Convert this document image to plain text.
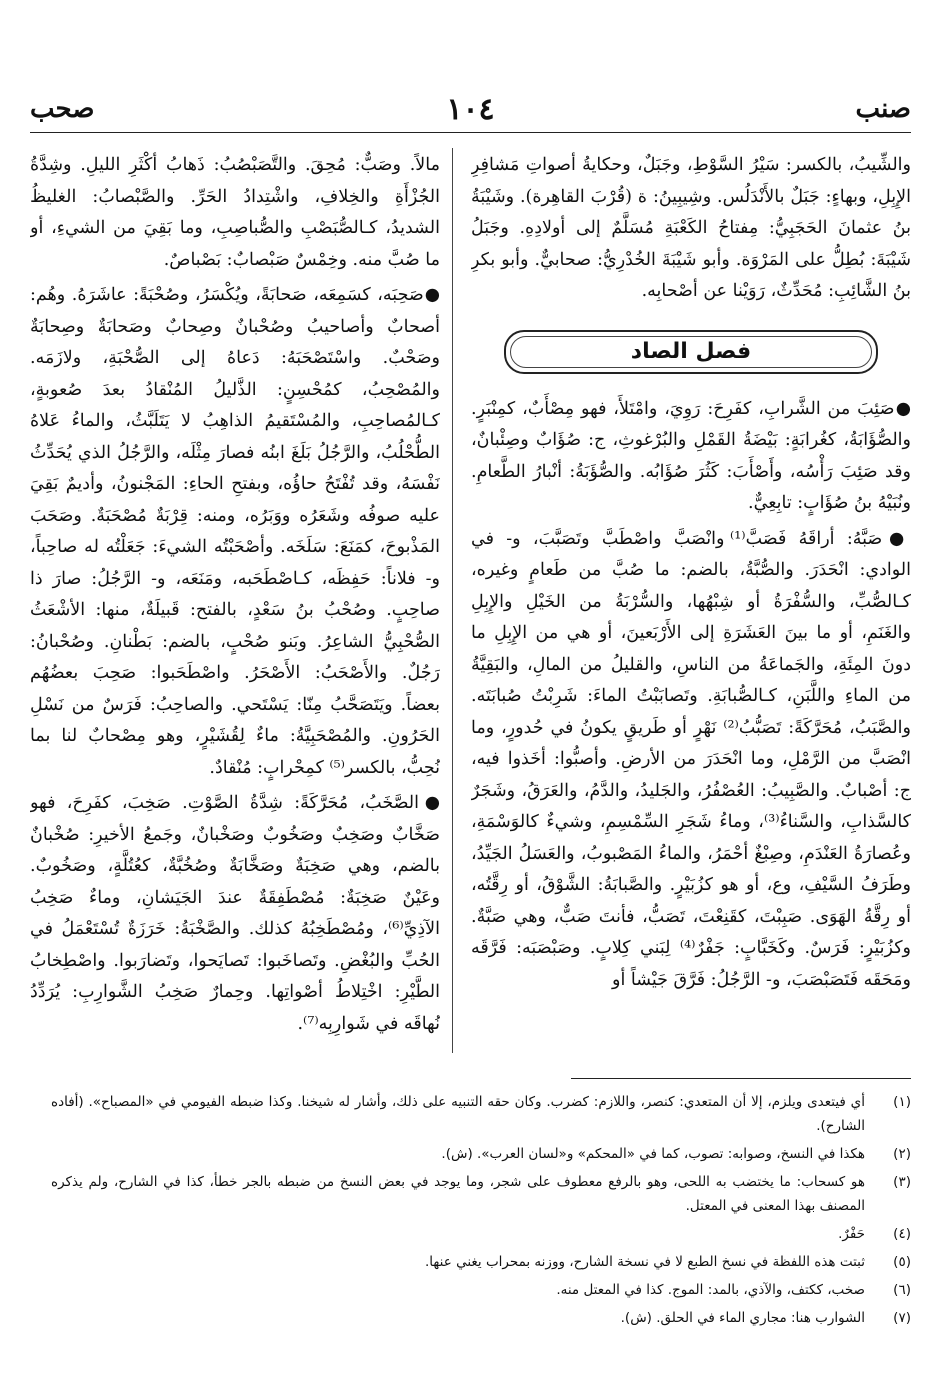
صنب
١٠٤
صحب

والشِّيبُ، بالكسر: سَيْرُ السَّوْطِ، وجَبَلٌ، وحكايةُ أصواتِ مَشافِرِ الإِبِلِ، وبهاءٍ: جَبَلٌ بالأَنْدَلُس. وشِيبِينُ: ة (قُرْبَ القاهِرة). وشَيْبَةُ بنُ عثمانَ الحَجَبِيُّ: مِفتاحُ الكَعْبَةِ مُسَلَّمٌ إلى أولادِهِ. وجَبَلُ شَيْبَةَ: بُطِلُّ على المَرْوَة. وأبو شَيْبَةَ الخُدْرِيُّ: صحابيٌّ. وأبو بكرِ بنُ الشَّائِبِ: مُحَدِّثٌ، رَوَيْنا عن أصْحابِه.

فصل الصاد

●صَئِبَ من الشَّرابِ، كفَرِحَ: رَوِيَ، وامْتَلأَ، فهو مِصْأَبٌ، كمِنْبَرٍ. والصُّؤَابَةُ، كغُرابَةٍ: بَيْضَةُ القَمْلِ والبُرْغوثِ، ج: صُؤَابٌ وصِئْبانٌ، وقد صَئِبَ رَأْسُه، وأَصْأَبَ: كَثُرَ صُؤَابُه. والصُّؤَبَةُ: أنْبارُ الطَّعامِ. ونُبَيْهُ بنُ صُؤَابٍ: تابِعِيٌّ.

●صَبَّهُ: أراقَهُ فَصَبَّ⁽¹⁾ وانْصَبَّ واصْطَبَّ وتَصَبَّبَ، و- في الوادي: انْحَدَرَ. والصُّبَّةُ، بالضم: ما صُبَّ من طَعامٍ وغيره، كـالصُّبِّ، والسُّفْرَةُ أو شِبْهُها، والسُّرْبَةُ من الخَيْلِ والإِبِلِ والغَنَمِ، أو ما بينَ العَشَرَةِ إلى الأَرْبَعينَ، أو هي من الإِبِلِ ما دونَ المِئَةِ، والجَماعَةُ من الناسِ، والقليلُ من المالِ، والبَقِيَّةُ من الماءِ واللَّبَنِ، كـالصُّبابَةِ. وتَصابَبْتُ الماءَ: شَرِبْتُ صُبابَتَه. والصَّبَبُ، مُحَرَّكَةً: تَصَبُّبُ⁽²⁾ نَهْرٍ أو طَريقٍ يكونُ في حُدورٍ، وما انْصَبَّ من الرَّمْلِ، وما انْحَدَرَ من الأرضِ. وأصبُّوا: أخَذوا فيه، ج: أصْبابٌ. والصَّبِيبُ: العُصْفُرُ، والجَليدُ، والدَّمُ، والعَرَقُ، وشَجَرٌ كالسَّذابِ، والسَّناءُ⁽³⁾، وماءُ شَجَرِ السِّمْسِمِ، وشيءٌ كالوَسْمَةِ، وعُصارَةُ العَنْدَمِ، وصِبْغٌ أحْمَرُ، والماءُ المَصْبوبُ، والعَسَلُ الجَيِّدُ، وطَرَفُ السَّيْفِ، وع، أو هو كزُبَيْرٍ. والصَّبابَةُ: الشَّوْقُ، أو رِقَّتُه، أو رِقَّةُ الهَوَى. صَبِبْتَ، كقَنِعْتَ، تَصَبُّ، فأنتَ صَبٌّ، وهي صَبَّةٌ. وكزُبَيْرٍ: فَرَسٌ. وكَخَبَّابٍ: جَفْرٌ⁽⁴⁾ لِبَني كِلابٍ. وصَبْصَبَه: فَرَّقَه ومَحَقَه فَتَصَبْصَبَ، و- الرَّجُلُ: فَرَّقَ جَيْشاً أو

مالاً. وصَبٌّ: مُحِقَ. والتَّصَبْصُبُ: ذَهابُ أكْثَرِ الليلِ. وشِدَّةُ الجُزْأَةِ والخِلافِ، واشْتِدادُ الحَرِّ. والصَّبْصابُ: الغليظُ الشديدُ، كـالصُّبَصْبِ والصُّباصِبِ، وما بَقِيَ من الشيءِ، أو ما صُبَّ منه. وخِمْسٌ صَبْصابٌ: بَصْباصٌ.

●صَحِبَه، كسَمِعَه، صَحابَةً، ويُكْسَرُ، وصُحْبَةً: عاشَرَهُ. وهُم: أصحابٌ وأصاحيبُ وصُحْبانٌ وصِحابٌ وصَحابَةٌ وصِحابَةٌ وصَحْبٌ. واسْتَصْحَبَهُ: دَعاهُ إلى الصُّحْبَةِ، ولازَمَه. والمُصْحِبُ، كمُحْسِنٍ: الذَّليلُ المُنْقادُ بعدَ صُعوبةٍ، كـالمُصاحِبِ، والمُسْتَقيمُ الذاهِبُ لا يَتَلَبَّثُ، والماءُ عَلاهُ الطُّحْلُبُ، والرَّجُلُ بَلَغَ ابنُه فصارَ مِثْلَه، والرَّجُلُ الذي يُحَدِّثُ نَفْسَهُ، وقد تُفْتَحُ حاؤُه، وبفتحِ الحاءِ: المَجْنونُ، وأديمٌ بَقِيَ عليه صوفُه وشَعَرُه ووَبَرُه، ومنه: قِرْبَةٌ مُصْحَبَةٌ. وصَحَبَ المَذْبوحَ، كمَنَعَ: سَلَخَه. وأصْحَبْتُه الشيءَ: جَعَلْتُه له صاحِباً، و- فلاناً: حَفِظَه، كـاصْطَحَبه، ومَنَعَه، و- الرَّجُلُ: صارَ ذا صاحِبٍ. وصُحْبُ بنُ سَعْدٍ، بالفتح: قَبيلَةٌ، منها: الأشْعَثُ الصُّحْبِيُّ الشاعِرُ. وبَنو صُحْبٍ، بالضم: بَطْنانِ. وصُحْبانُ: رَجُلٌ. والأَصْحَبُ: الأَصْحَرُ. واصْطَحَبوا: صَحِبَ بعضُهُم بعضاً. ويَتَصَحَّبُ مِنّا: يَسْتَحي. والصاحِبُ: فَرَسٌ من نَسْلِ الحَرُونِ. والمُصْحَبِيَّةُ: ماءٌ لِقُشَيْرٍ، وهو مِصْحابٌ لنا بما نُحِبُّ، بالكسر⁽⁵⁾ كمِحْرابٍ: مُنْقادٌ.

●الصَّخَبُ، مُحَرَّكَةً: شِدَّةُ الصَّوْتِ. صَخِبَ، كفَرِحَ، فهو صَخَّابٌ وصَخِبٌ وصَخُوبٌ وصَخْبانٌ، وجَمعُ الأخيرِ: صُخْبانٌ بالضم، وهي صَخِبَةٌ وصَخَّابَةٌ وصُخُبَّةٌ، كعُتُلَّةٍ، وصَخُوبٌ. وعَيْنٌ صَخِبَةٌ: مُصْطَفِقَةٌ عندَ الجَيَشانِ، وماءٌ صَخِبُ الآذِيِّ⁽⁶⁾، ومُصْطَخِبُهُ كذلك. والصَّخْبَةُ: خَرَزَةٌ تُسْتَعْمَلُ في الحُبِّ والبُغْضِ. وتَصاخَبوا: تَصايَحوا، وتَضارَبوا. واصْطِخابُ الطَّيْرِ: اخْتِلاطُ أصْواتِها. وحِمارٌ صَخِبُ الشَّوارِبِ: يُرَدِّدُ نُهاقَه في شَوارِبِه⁽⁷⁾.

(١)
أي فيتعدى ويلزم، إلا أن المتعدي: كنصر، واللازم: كضرب. وكان حقه التنبيه على ذلك، وأشار له شيخنا. وكذا ضبطه الفيومي في «المصباح». (أفاده الشارح).
(٢)
هكذا في النسخ، وصوابه: تصوب، كما في «المحكم» و«لسان العرب». (ش).
(٣)
هو كسحاب: ما يختضب به اللحى، وهو بالرفع معطوف على شجر، وما يوجد في بعض النسخ من ضبطه بالجر خطأ، كذا في الشارح، ولم يذكره المصنف بهذا المعنى في المعتل.
(٤)
حَفْرٌ.
(٥)
ثبتت هذه اللفظة في نسخ الطبع لا في نسخة الشارح، ووزنه بمحراب يغني عنها.
(٦)
صخب، ككتف، والآذي، بالمد: الموج. كذا في المعتل منه.
(٧)
الشوارب هنا: مجاري الماء في الحلق. (ش).
